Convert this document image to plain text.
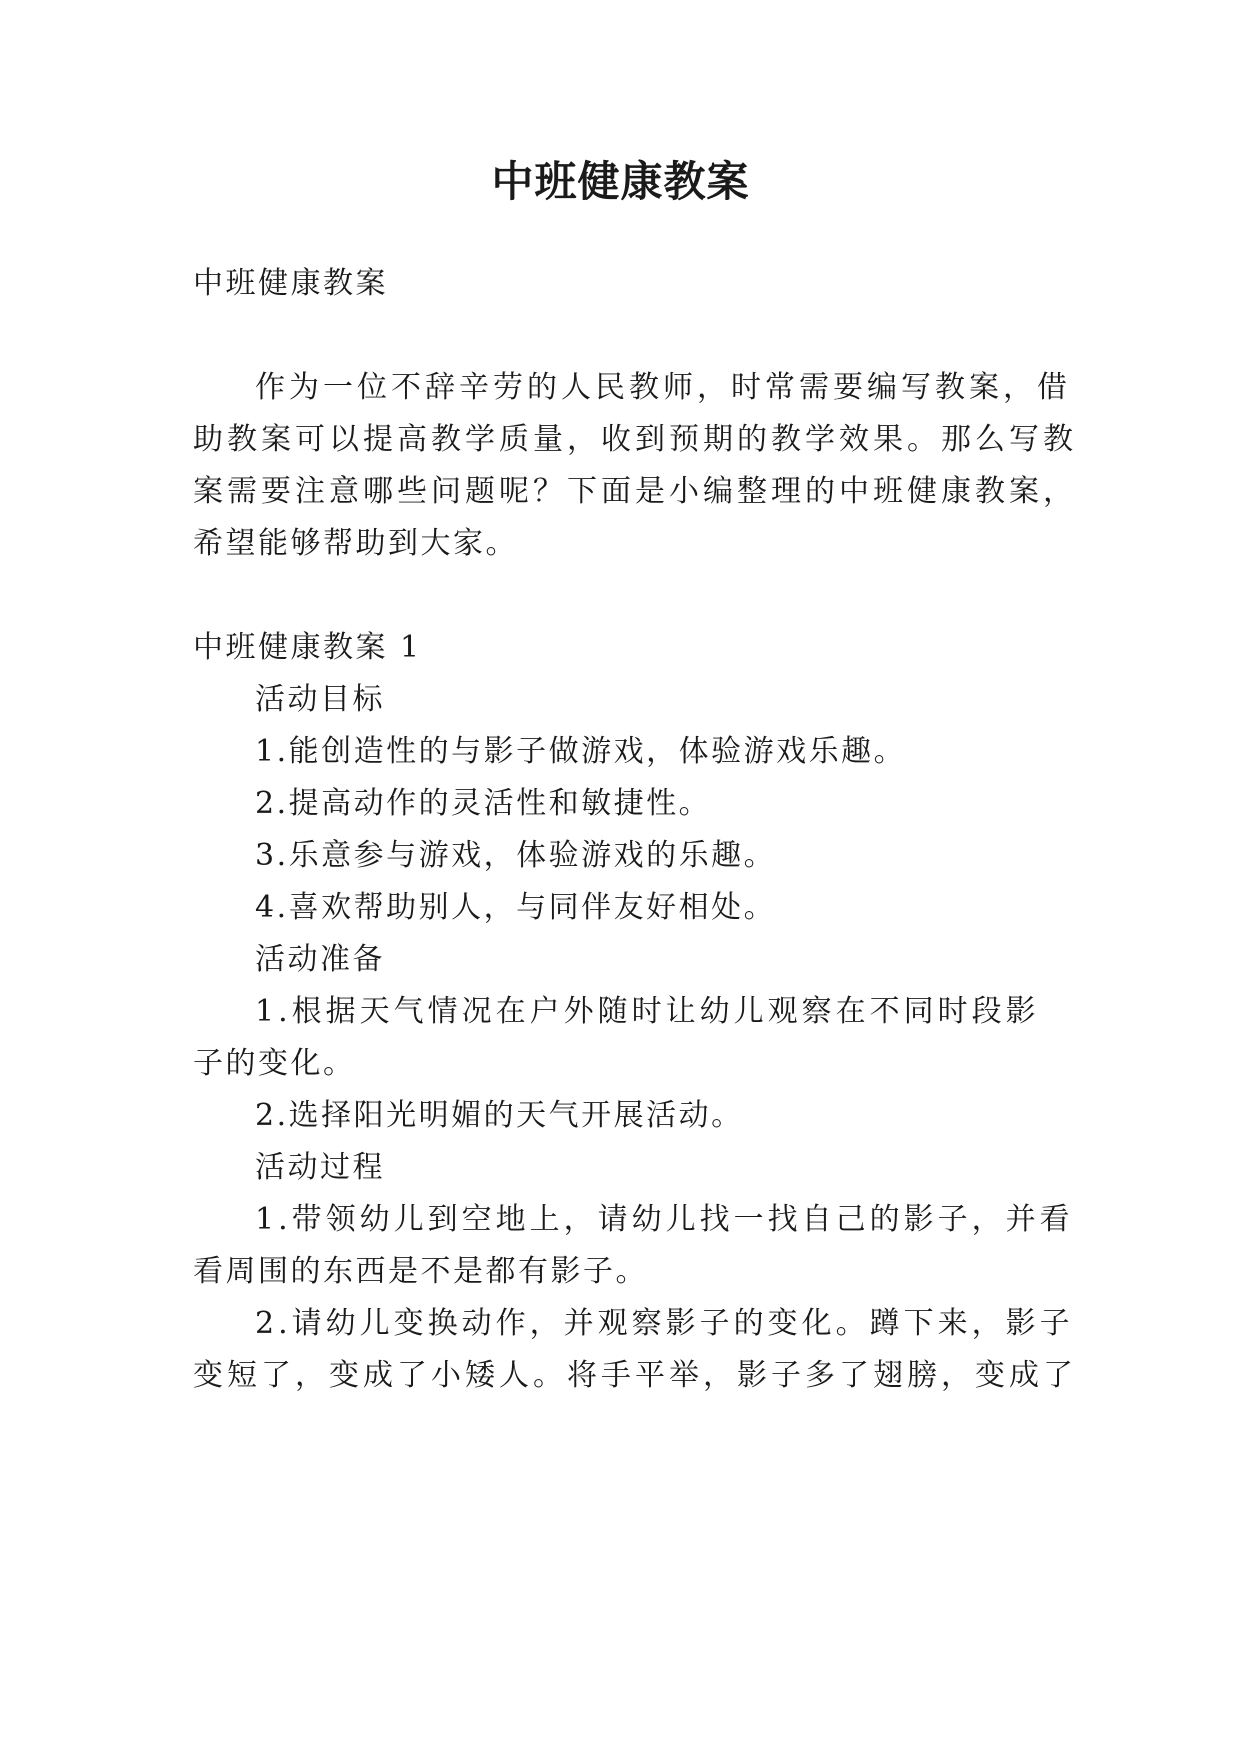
中班健康教案
中班健康教案
作为一位不辞辛劳的人民教师，时常需要编写教案，借
助教案可以提高教学质量，收到预期的教学效果。那么写教
案需要注意哪些问题呢？下面是小编整理的中班健康教案，
希望能够帮助到大家。
中班健康教案 1
活动目标
1.能创造性的与影子做游戏，体验游戏乐趣。
2.提高动作的灵活性和敏捷性。
3.乐意参与游戏，体验游戏的乐趣。
4.喜欢帮助别人，与同伴友好相处。
活动准备
1.根据天气情况在户外随时让幼儿观察在不同时段影
子的变化。
2.选择阳光明媚的天气开展活动。
活动过程
1.带领幼儿到空地上，请幼儿找一找自己的影子，并看
看周围的东西是不是都有影子。
2.请幼儿变换动作，并观察影子的变化。蹲下来，影子
变短了，变成了小矮人。将手平举，影子多了翅膀，变成了
